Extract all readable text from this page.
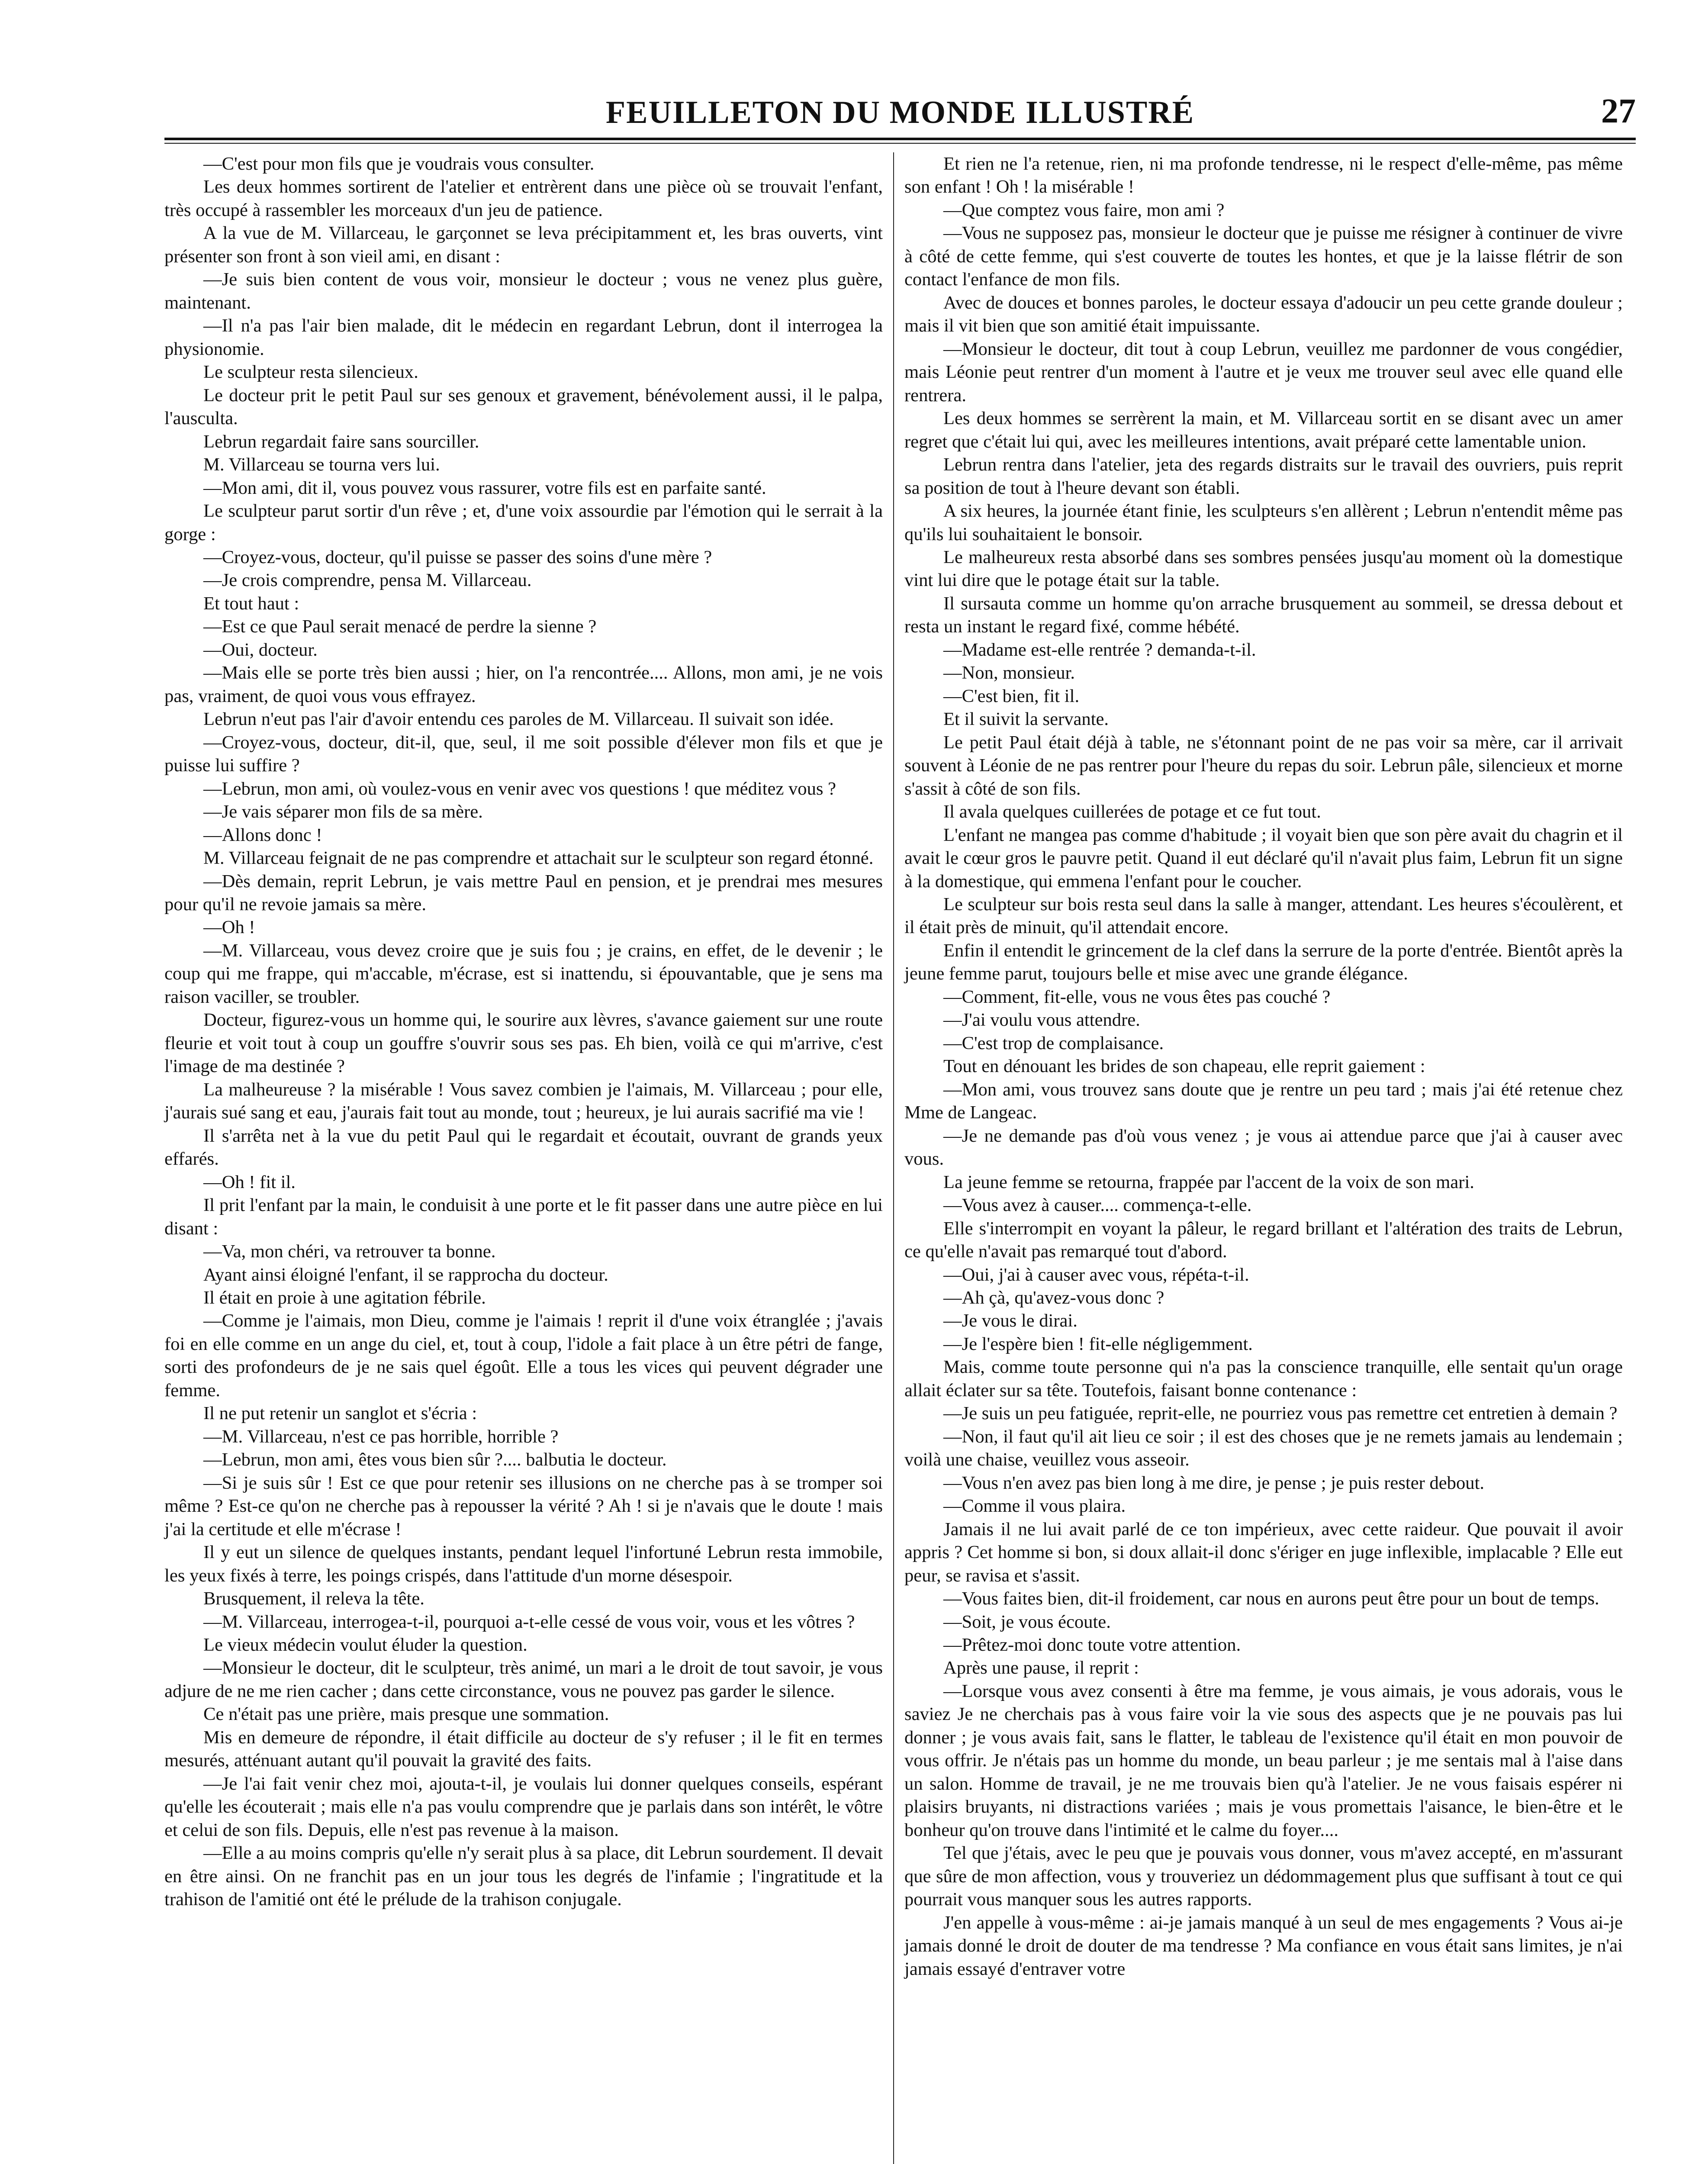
FEUILLETON DU MONDE ILLUSTRÉ	27

—C'est pour mon fils que je voudrais vous consulter.

Les deux hommes sortirent de l'atelier et entrèrent dans une pièce où se trouvait l'enfant, très occupé à rassembler les morceaux d'un jeu de patience.

A la vue de M. Villarceau, le garçonnet se leva précipitamment et, les bras ouverts, vint présenter son front à son vieil ami, en disant :

—Je suis bien content de vous voir, monsieur le docteur ; vous ne venez plus guère, maintenant.

—Il n'a pas l'air bien malade, dit le médecin en regardant Lebrun, dont il interrogea la physionomie.

Le sculpteur resta silencieux.

Le docteur prit le petit Paul sur ses genoux et gravement, bénévolement aussi, il le palpa, l'ausculta.

Lebrun regardait faire sans sourciller.

M. Villarceau se tourna vers lui.

—Mon ami, dit il, vous pouvez vous rassurer, votre fils est en parfaite santé.

Le sculpteur parut sortir d'un rêve ; et, d'une voix assourdie par l'émotion qui le serrait à la gorge :

—Croyez-vous, docteur, qu'il puisse se passer des soins d'une mère ?

—Je crois comprendre, pensa M. Villarceau.

Et tout haut :

—Est ce que Paul serait menacé de perdre la sienne ?

—Oui, docteur.

—Mais elle se porte très bien aussi ; hier, on l'a rencontrée.... Allons, mon ami, je ne vois pas, vraiment, de quoi vous vous effrayez.

Lebrun n'eut pas l'air d'avoir entendu ces paroles de M. Villarceau. Il suivait son idée.

—Croyez-vous, docteur, dit-il, que, seul, il me soit possible d'élever mon fils et que je puisse lui suffire ?

—Lebrun, mon ami, où voulez-vous en venir avec vos questions ! que méditez vous ?

—Je vais séparer mon fils de sa mère.

—Allons donc !

M. Villarceau feignait de ne pas comprendre et attachait sur le sculpteur son regard étonné.

—Dès demain, reprit Lebrun, je vais mettre Paul en pension, et je prendrai mes mesures pour qu'il ne revoie jamais sa mère.

—Oh !

—M. Villarceau, vous devez croire que je suis fou ; je crains, en effet, de le devenir ; le coup qui me frappe, qui m'accable, m'écrase, est si inattendu, si épouvantable, que je sens ma raison vaciller, se troubler.

Docteur, figurez-vous un homme qui, le sourire aux lèvres, s'avance gaiement sur une route fleurie et voit tout à coup un gouffre s'ouvrir sous ses pas. Eh bien, voilà ce qui m'arrive, c'est l'image de ma destinée ?

La malheureuse ? la misérable ! Vous savez combien je l'aimais, M. Villarceau ; pour elle, j'aurais sué sang et eau, j'aurais fait tout au monde, tout ; heureux, je lui aurais sacrifié ma vie !

Il s'arrêta net à la vue du petit Paul qui le regardait et écoutait, ouvrant de grands yeux effarés.

—Oh ! fit il.

Il prit l'enfant par la main, le conduisit à une porte et le fit passer dans une autre pièce en lui disant :

—Va, mon chéri, va retrouver ta bonne.

Ayant ainsi éloigné l'enfant, il se rapprocha du docteur.

Il était en proie à une agitation fébrile.

—Comme je l'aimais, mon Dieu, comme je l'aimais ! reprit il d'une voix étranglée ; j'avais foi en elle comme en un ange du ciel, et, tout à coup, l'idole a fait place à un être pétri de fange, sorti des profondeurs de je ne sais quel égoût. Elle a tous les vices qui peuvent dégrader une femme.

Il ne put retenir un sanglot et s'écria :

—M. Villarceau, n'est ce pas horrible, horrible ?

—Lebrun, mon ami, êtes vous bien sûr ?.... balbutia le docteur.

—Si je suis sûr ! Est ce que pour retenir ses illusions on ne cherche pas à se tromper soi même ? Est-ce qu'on ne cherche pas à repousser la vérité ? Ah ! si je n'avais que le doute ! mais j'ai la certitude et elle m'écrase !

Il y eut un silence de quelques instants, pendant lequel l'infortuné Lebrun resta immobile, les yeux fixés à terre, les poings crispés, dans l'attitude d'un morne désespoir.

Brusquement, il releva la tête.

—M. Villarceau, interrogea-t-il, pourquoi a-t-elle cessé de vous voir, vous et les vôtres ?

Le vieux médecin voulut éluder la question.

—Monsieur le docteur, dit le sculpteur, très animé, un mari a le droit de tout savoir, je vous adjure de ne me rien cacher ; dans cette circonstance, vous ne pouvez pas garder le silence.

Ce n'était pas une prière, mais presque une sommation.

Mis en demeure de répondre, il était difficile au docteur de s'y refuser ; il le fit en termes mesurés, atténuant autant qu'il pouvait la gravité des faits.

—Je l'ai fait venir chez moi, ajouta-t-il, je voulais lui donner quelques conseils, espérant qu'elle les écouterait ; mais elle n'a pas voulu comprendre que je parlais dans son intérêt, le vôtre et celui de son fils. Depuis, elle n'est pas revenue à la maison.

—Elle a au moins compris qu'elle n'y serait plus à sa place, dit Lebrun sourdement. Il devait en être ainsi. On ne franchit pas en un jour tous les degrés de l'infamie ; l'ingratitude et la trahison de l'amitié ont été le prélude de la trahison conjugale.

Et rien ne l'a retenue, rien, ni ma profonde tendresse, ni le respect d'elle-même, pas même son enfant ! Oh ! la misérable !

—Que comptez vous faire, mon ami ?

—Vous ne supposez pas, monsieur le docteur que je puisse me résigner à continuer de vivre à côté de cette femme, qui s'est couverte de toutes les hontes, et que je la laisse flétrir de son contact l'enfance de mon fils.

Avec de douces et bonnes paroles, le docteur essaya d'adoucir un peu cette grande douleur ; mais il vit bien que son amitié était impuissante.

—Monsieur le docteur, dit tout à coup Lebrun, veuillez me pardonner de vous congédier, mais Léonie peut rentrer d'un moment à l'autre et je veux me trouver seul avec elle quand elle rentrera.

Les deux hommes se serrèrent la main, et M. Villarceau sortit en se disant avec un amer regret que c'était lui qui, avec les meilleures intentions, avait préparé cette lamentable union.

Lebrun rentra dans l'atelier, jeta des regards distraits sur le travail des ouvriers, puis reprit sa position de tout à l'heure devant son établi.

A six heures, la journée étant finie, les sculpteurs s'en allèrent ; Lebrun n'entendit même pas qu'ils lui souhaitaient le bonsoir.

Le malheureux resta absorbé dans ses sombres pensées jusqu'au moment où la domestique vint lui dire que le potage était sur la table.

Il sursauta comme un homme qu'on arrache brusquement au sommeil, se dressa debout et resta un instant le regard fixé, comme hébété.

—Madame est-elle rentrée ? demanda-t-il.

—Non, monsieur.

—C'est bien, fit il.

Et il suivit la servante.

Le petit Paul était déjà à table, ne s'étonnant point de ne pas voir sa mère, car il arrivait souvent à Léonie de ne pas rentrer pour l'heure du repas du soir. Lebrun pâle, silencieux et morne s'assit à côté de son fils.

Il avala quelques cuillerées de potage et ce fut tout.

L'enfant ne mangea pas comme d'habitude ; il voyait bien que son père avait du chagrin et il avait le cœur gros le pauvre petit. Quand il eut déclaré qu'il n'avait plus faim, Lebrun fit un signe à la domestique, qui emmena l'enfant pour le coucher.

Le sculpteur sur bois resta seul dans la salle à manger, attendant. Les heures s'écoulèrent, et il était près de minuit, qu'il attendait encore.

Enfin il entendit le grincement de la clef dans la serrure de la porte d'entrée. Bientôt après la jeune femme parut, toujours belle et mise avec une grande élégance.

—Comment, fit-elle, vous ne vous êtes pas couché ?

—J'ai voulu vous attendre.

—C'est trop de complaisance.

Tout en dénouant les brides de son chapeau, elle reprit gaiement :

—Mon ami, vous trouvez sans doute que je rentre un peu tard ; mais j'ai été retenue chez Mme de Langeac.

—Je ne demande pas d'où vous venez ; je vous ai attendue parce que j'ai à causer avec vous.

La jeune femme se retourna, frappée par l'accent de la voix de son mari.

—Vous avez à causer.... commença-t-elle.

Elle s'interrompit en voyant la pâleur, le regard brillant et l'altération des traits de Lebrun, ce qu'elle n'avait pas remarqué tout d'abord.

—Oui, j'ai à causer avec vous, répéta-t-il.

—Ah çà, qu'avez-vous donc ?

—Je vous le dirai.

—Je l'espère bien ! fit-elle négligemment.

Mais, comme toute personne qui n'a pas la conscience tranquille, elle sentait qu'un orage allait éclater sur sa tête. Toutefois, faisant bonne contenance :

—Je suis un peu fatiguée, reprit-elle, ne pourriez vous pas remettre cet entretien à demain ?

—Non, il faut qu'il ait lieu ce soir ; il est des choses que je ne remets jamais au lendemain ; voilà une chaise, veuillez vous asseoir.

—Vous n'en avez pas bien long à me dire, je pense ; je puis rester debout.

—Comme il vous plaira.

Jamais il ne lui avait parlé de ce ton impérieux, avec cette raideur. Que pouvait il avoir appris ? Cet homme si bon, si doux allait-il donc s'ériger en juge inflexible, implacable ? Elle eut peur, se ravisa et s'assit.

—Vous faites bien, dit-il froidement, car nous en aurons peut être pour un bout de temps.

—Soit, je vous écoute.

—Prêtez-moi donc toute votre attention.

Après une pause, il reprit :

—Lorsque vous avez consenti à être ma femme, je vous aimais, je vous adorais, vous le saviez Je ne cherchais pas à vous faire voir la vie sous des aspects que je ne pouvais pas lui donner ; je vous avais fait, sans le flatter, le tableau de l'existence qu'il était en mon pouvoir de vous offrir. Je n'étais pas un homme du monde, un beau parleur ; je me sentais mal à l'aise dans un salon. Homme de travail, je ne me trouvais bien qu'à l'atelier. Je ne vous faisais espérer ni plaisirs bruyants, ni distractions variées ; mais je vous promettais l'aisance, le bien-être et le bonheur qu'on trouve dans l'intimité et le calme du foyer....

Tel que j'étais, avec le peu que je pouvais vous donner, vous m'avez accepté, en m'assurant que sûre de mon affection, vous y trouveriez un dédommagement plus que suffisant à tout ce qui pourrait vous manquer sous les autres rapports.

J'en appelle à vous-même : ai-je jamais manqué à un seul de mes engagements ? Vous ai-je jamais donné le droit de douter de ma tendresse ? Ma confiance en vous était sans limites, je n'ai jamais essayé d'entraver votre
